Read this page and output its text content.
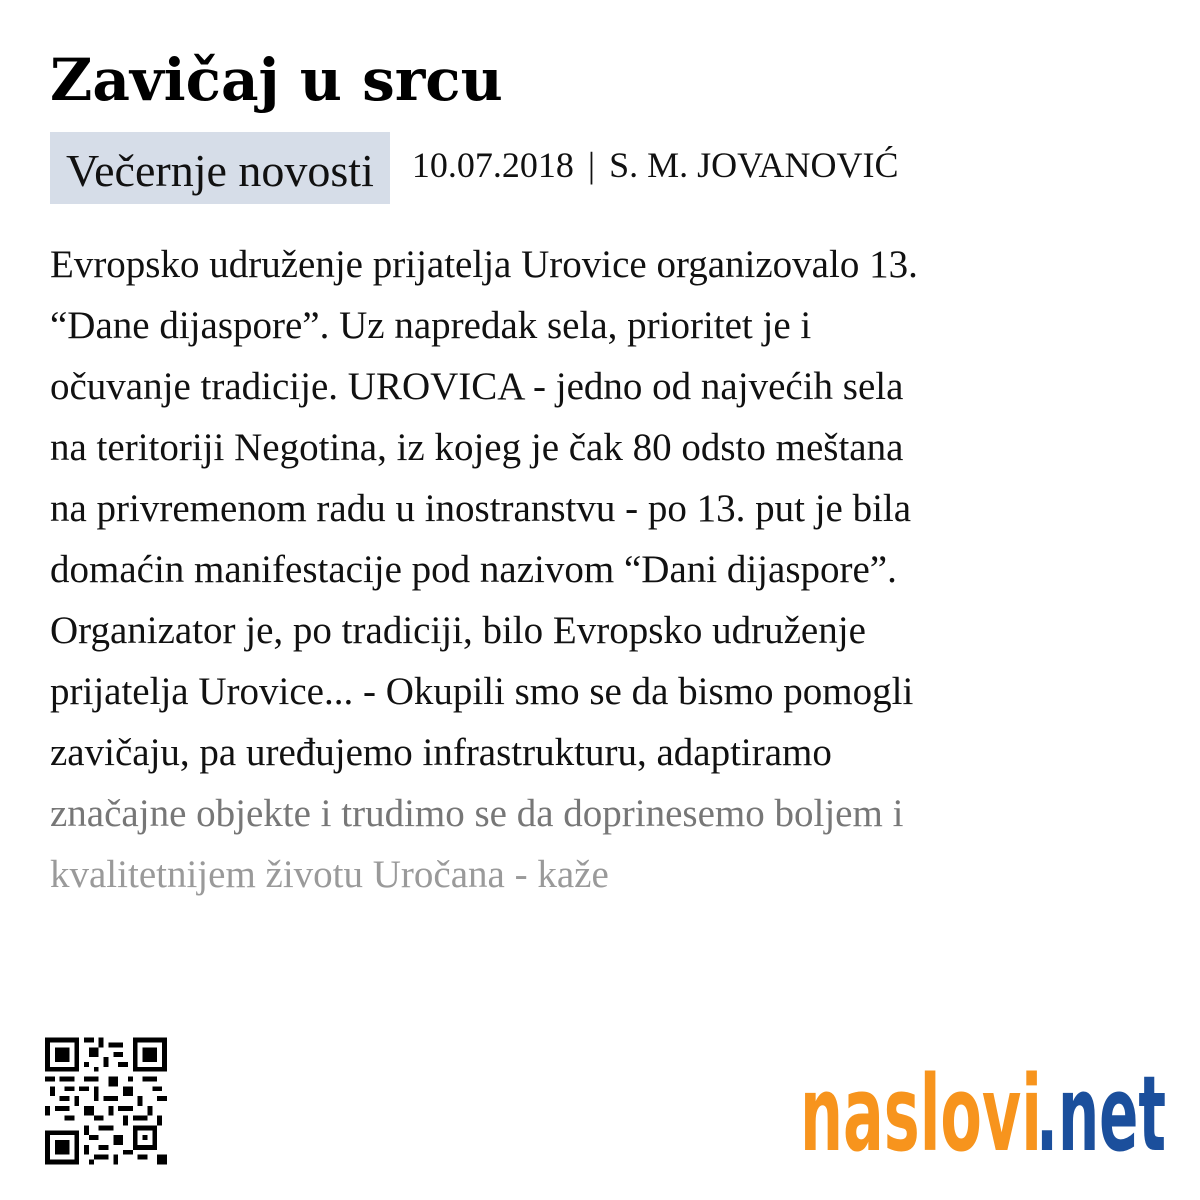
Zavičaj u srcu
Večernje novosti	10.07.2018 | S. M. JOVANOVIĆ
Evropsko udruženje prijatelja Urovice organizovalo 13.
“Dane dijaspore”. Uz napredak sela, prioritet je i
očuvanje tradicije. UROVICA - jedno od najvećih sela
na teritoriji Negotina, iz kojeg je čak 80 odsto meštana
na privremenom radu u inostranstvu - po 13. put je bila
domaćin manifestacije pod nazivom “Dani dijaspore”.
Organizator je, po tradiciji, bilo Evropsko udruženje
prijatelja Urovice... - Okupili smo se da bismo pomogli
zavičaju, pa uređujemo infrastrukturu, adaptiramo
značajne objekte i trudimo se da doprinesemo boljem i
kvalitetnijem životu Uročana - kaže
naslovi
.net
